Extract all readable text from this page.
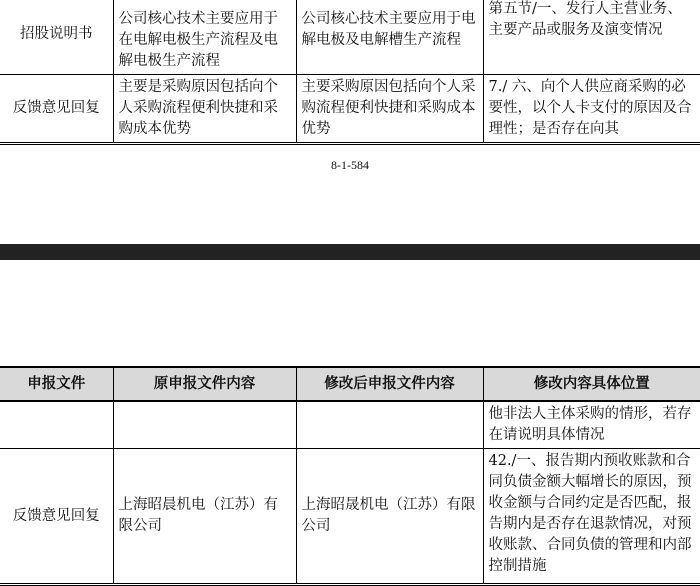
招股说明书	公司核心技术主要应用于在电解电极生产流程及电解电极生产流程	公司核心技术主要应用于电解电极及电解槽生产流程	第五节/一、发行人主营业务、主要产品或服务及演变情况
反馈意见回复	主要是采购原因包括向个人采购流程便利快捷和采购成本优势	主要采购原因包括向个人采购流程便利快捷和采购成本优势	7./ 六、向个人供应商采购的必要性，以个人卡支付的原因及合理性；是否存在向其
8-1-584
申报文件	原申报文件内容	修改后申报文件内容	修改内容具体位置
			他非法人主体采购的情形，若存在请说明具体情况
反馈意见回复	上海昭晨机电（江苏）有限公司	上海昭晟机电（江苏）有限公司	42./一、报告期内预收账款和合同负债金额大幅增长的原因，预收金额与合同约定是否匹配，报告期内是否存在退款情况，对预收账款、合同负债的管理和内部控制措施
